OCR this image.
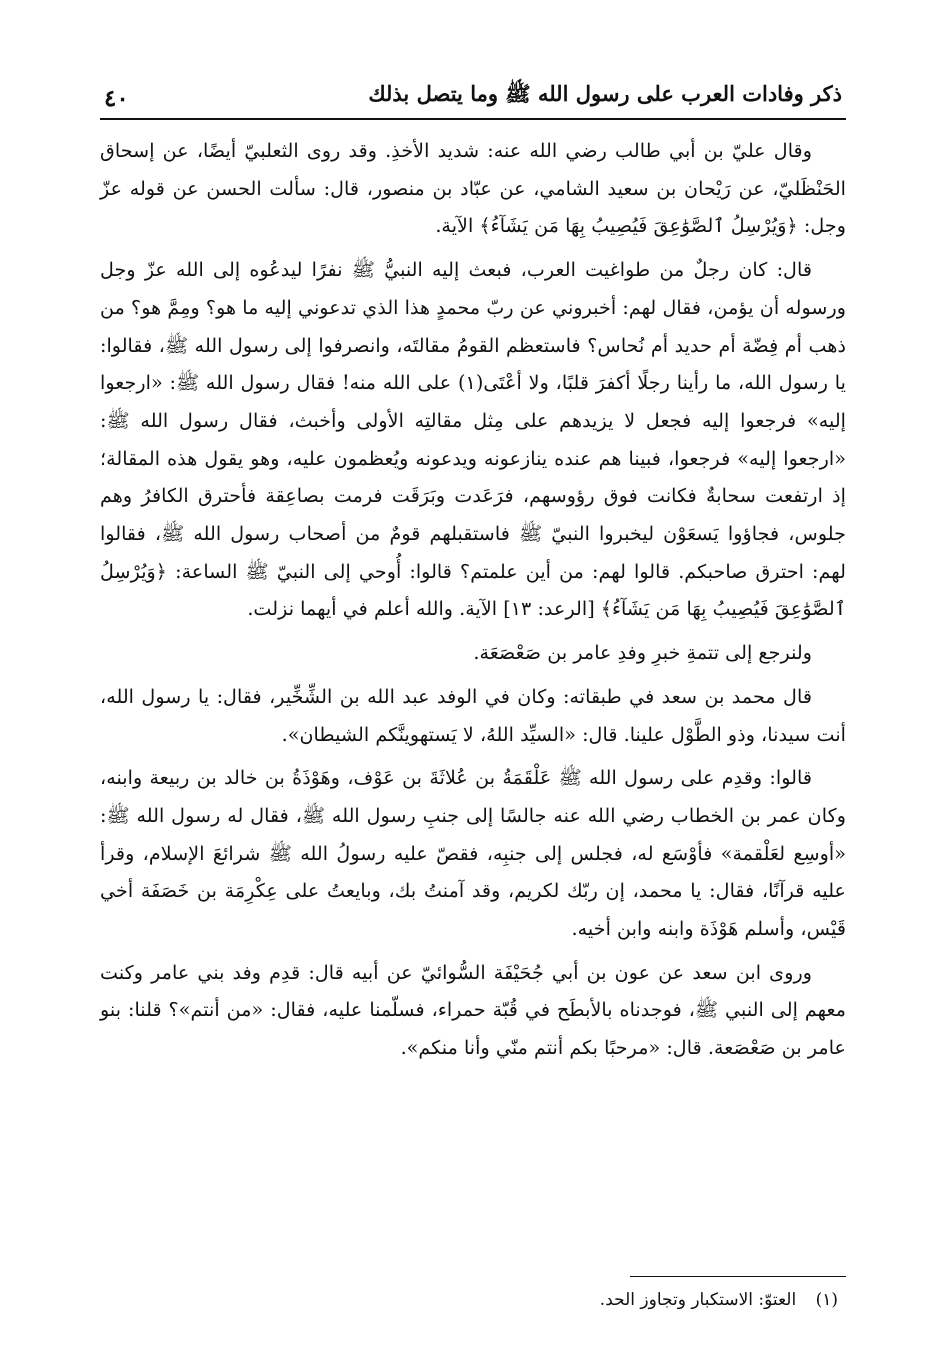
ذكر وفادات العرب على رسول الله ﷺ وما يتصل بذلك
٤٠

وقال عليّ بن أبي طالب رضي الله عنه: شديد الأخذِ. وقد روى الثعلبيّ أيضًا، عن إسحاق الحَنْظَليّ، عن رَيْحان بن سعيد الشامي، عن عبّاد بن منصور، قال: سألت الحسن عن قوله عزّ وجل: ﴿وَيُرْسِلُ ٱلصَّوَٰعِقَ فَيُصِيبُ بِهَا مَن يَشَآءُ﴾ الآية.

قال: كان رجلٌ من طواغيت العرب، فبعث إليه النبيُّ ﷺ نفرًا ليدعُوه إلى الله عزّ وجل ورسوله أن يؤمن، فقال لهم: أخبروني عن ربّ محمدٍ هذا الذي تدعوني إليه ما هو؟ ومِمَّ هو؟ من ذهب أم فِضّة أم حديد أم نُحاس؟ فاستعظم القومُ مقالتَه، وانصرفوا إلى رسول الله ﷺ، فقالوا: يا رسول الله، ما رأينا رجلًا أكفرَ قلبًا، ولا أعْتَى(١) على الله منه! فقال رسول الله ﷺ: «ارجعوا إليه» فرجعوا إليه فجعل لا يزيدهم على مِثل مقالتِه الأولى وأخبث، فقال رسول الله ﷺ: «ارجعوا إليه» فرجعوا، فبينا هم عنده ينازعونه ويدعونه ويُعظمون عليه، وهو يقول هذه المقالة؛ إذ ارتفعت سحابةٌ فكانت فوق رؤوسهم، فرَعَدت وبَرَقَت فرمت بصاعِقة فأحترق الكافرُ وهم جلوس، فجاؤوا يَسعَوْن ليخبروا النبيّ ﷺ فاستقبلهم قومٌ من أصحاب رسول الله ﷺ، فقالوا لهم: احترق صاحبكم. قالوا لهم: من أين علمتم؟ قالوا: أُوحي إلى النبيّ ﷺ الساعة: ﴿وَيُرْسِلُ ٱلصَّوَٰعِقَ فَيُصِيبُ بِهَا مَن يَشَآءُ﴾ [الرعد: ١٣] الآية. والله أعلم في أيهما نزلت.

ولنرجع إلى تتمةِ خبرِ وفدِ عامر بن صَعْصَعَة.

قال محمد بن سعد في طبقاته: وكان في الوفد عبد الله بن الشِّخِّير، فقال: يا رسول الله، أنت سيدنا، وذو الطَّوْل علينا. قال: «السيِّد اللهُ، لا يَستهوينَّكم الشيطان».

قالوا: وقدِم على رسول الله ﷺ عَلْقَمَةُ بن عُلاثَةَ بن عَوْف، وهَوْذَةُ بن خالد بن ربيعة وابنه، وكان عمر بن الخطاب رضي الله عنه جالسًا إلى جنبِ رسول الله ﷺ، فقال له رسول الله ﷺ: «أوسِع لعَلْقمة» فأوْسَع له، فجلس إلى جنبِه، فقصّ عليه رسولُ الله ﷺ شرائعَ الإسلام، وقرأ عليه قرآنًا، فقال: يا محمد، إن ربّك لكريم، وقد آمنتُ بك، وبايعتُ على عِكْرِمَة بن خَصَفَة أخي قَيْس، وأسلم هَوْذَة وابنه وابن أخيه.

وروى ابن سعد عن عون بن أبي جُحَيْفَة السُّوائيّ عن أبيه قال: قدِم وفد بني عامر وكنت معهم إلى النبي ﷺ، فوجدناه بالأبطَح في قُبّة حمراء، فسلّمنا عليه، فقال: «من أنتم»؟ قلنا: بنو عامر بن صَعْصَعة. قال: «مرحبًا بكم أنتم منّي وأنا منكم».

(١) العتوّ: الاستكبار وتجاوز الحد.
